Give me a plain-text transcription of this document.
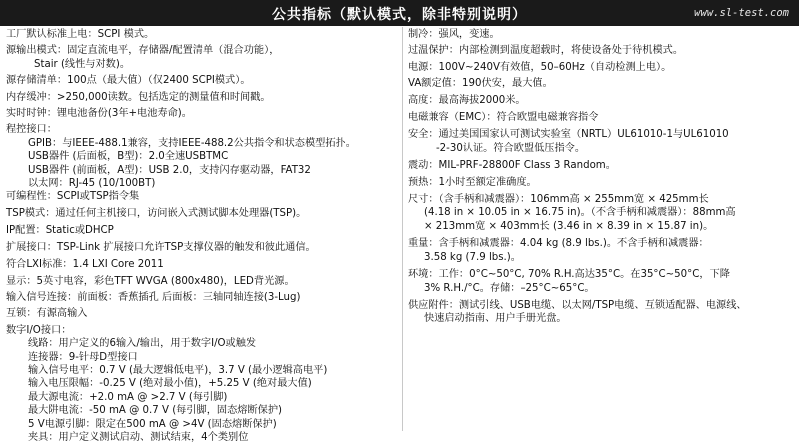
公共指标（默认模式，除非特别说明）	www.sl-test.com

工厂默认标准上电：SCPI 模式。

源输出模式：固定直流电平，存储器/配置清单（混合功能），

Stair (线性与对数)。

源存储清单：100点（最大值）（仅2400 SCPI模式）。

内存缓冲：>250,000读数。包括选定的测量值和时间戳。

实时时钟：锂电池备份(3年+电池寿命)。

程控接口：

GPIB：与IEEE-488.1兼容，支持IEEE-488.2公共指令和状态模型拓扑。

USB器件 (后面板，B型)：2.0全速USBTMC

USB器件 (前面板，A型)：USB 2.0，支持闪存驱动器，FAT32

以太网：RJ-45 (10/100BT)

可编程性：SCPI或TSP指令集

TSP模式：通过任何主机接口，访问嵌入式测试脚本处理器(TSP)。

IP配置：Static或DHCP

扩展接口：TSP-Link 扩展接口允许TSP支撑仪器的触发和彼此通信。

符合LXI标准：1.4 LXI Core 2011

显示：5英寸电容，彩色TFT WVGA (800x480)，LED背光源。

输入信号连接：前面板：香蕉插孔 后面板：三轴同轴连接(3-Lug)

互锁：有源高输入

数字I/O接口：

线路：用户定义的6输入/输出，用于数字I/O或触发

连接器：9-针母D型接口

输入信号电平：0.7 V (最大逻辑低电平)，3.7 V (最小逻辑高电平)

输入电压限幅：-0.25 V (绝对最小值)，+5.25 V (绝对最大值)

最大源电流：+2.0 mA @ >2.7 V (每引脚)

最大阱电流：-50 mA @ 0.7 V (每引脚，固态熔断保护)

5 V电源引脚：限定在500 mA @ >4V (固态熔断保护)

夹具：用户定义测试启动、测试结束，4个类别位

制冷：强风，变速。

过温保护：内部检测到温度超载时，将使设备处于待机模式。

电源：100V~240V有效值，50–60Hz（自动检测上电）。

VA额定值：190伏安，最大值。

高度：最高海拔2000米。

电磁兼容（EMC）：符合欧盟电磁兼容指令

安全：通过美国国家认可测试实验室（NRTL）UL61010-1与UL61010

-2-30认证。符合欧盟低压指令。

震动：MIL-PRF-28800F Class 3 Random。

预热：1小时至额定准确度。

尺寸：（含手柄和减震器）：106mm高 × 255mm宽 × 425mm长

(4.18 in × 10.05 in × 16.75 in)。（不含手柄和减震器）：88mm高

× 213mm宽 × 403mm长 (3.46 in × 8.39 in × 15.87 in)。

重量：含手柄和减震器：4.04 kg (8.9 lbs.)。不含手柄和减震器：

3.58 kg (7.9 lbs.)。

环境：工作：0°C~50°C, 70% R.H.高达35°C。在35°C~50°C，下降

3% R.H./°C。存储：–25°C~65°C。

供应附件：测试引线、USB电缆、以太网/TSP电缆、互锁适配器、电源线、

快速启动指南、用户手册光盘。
